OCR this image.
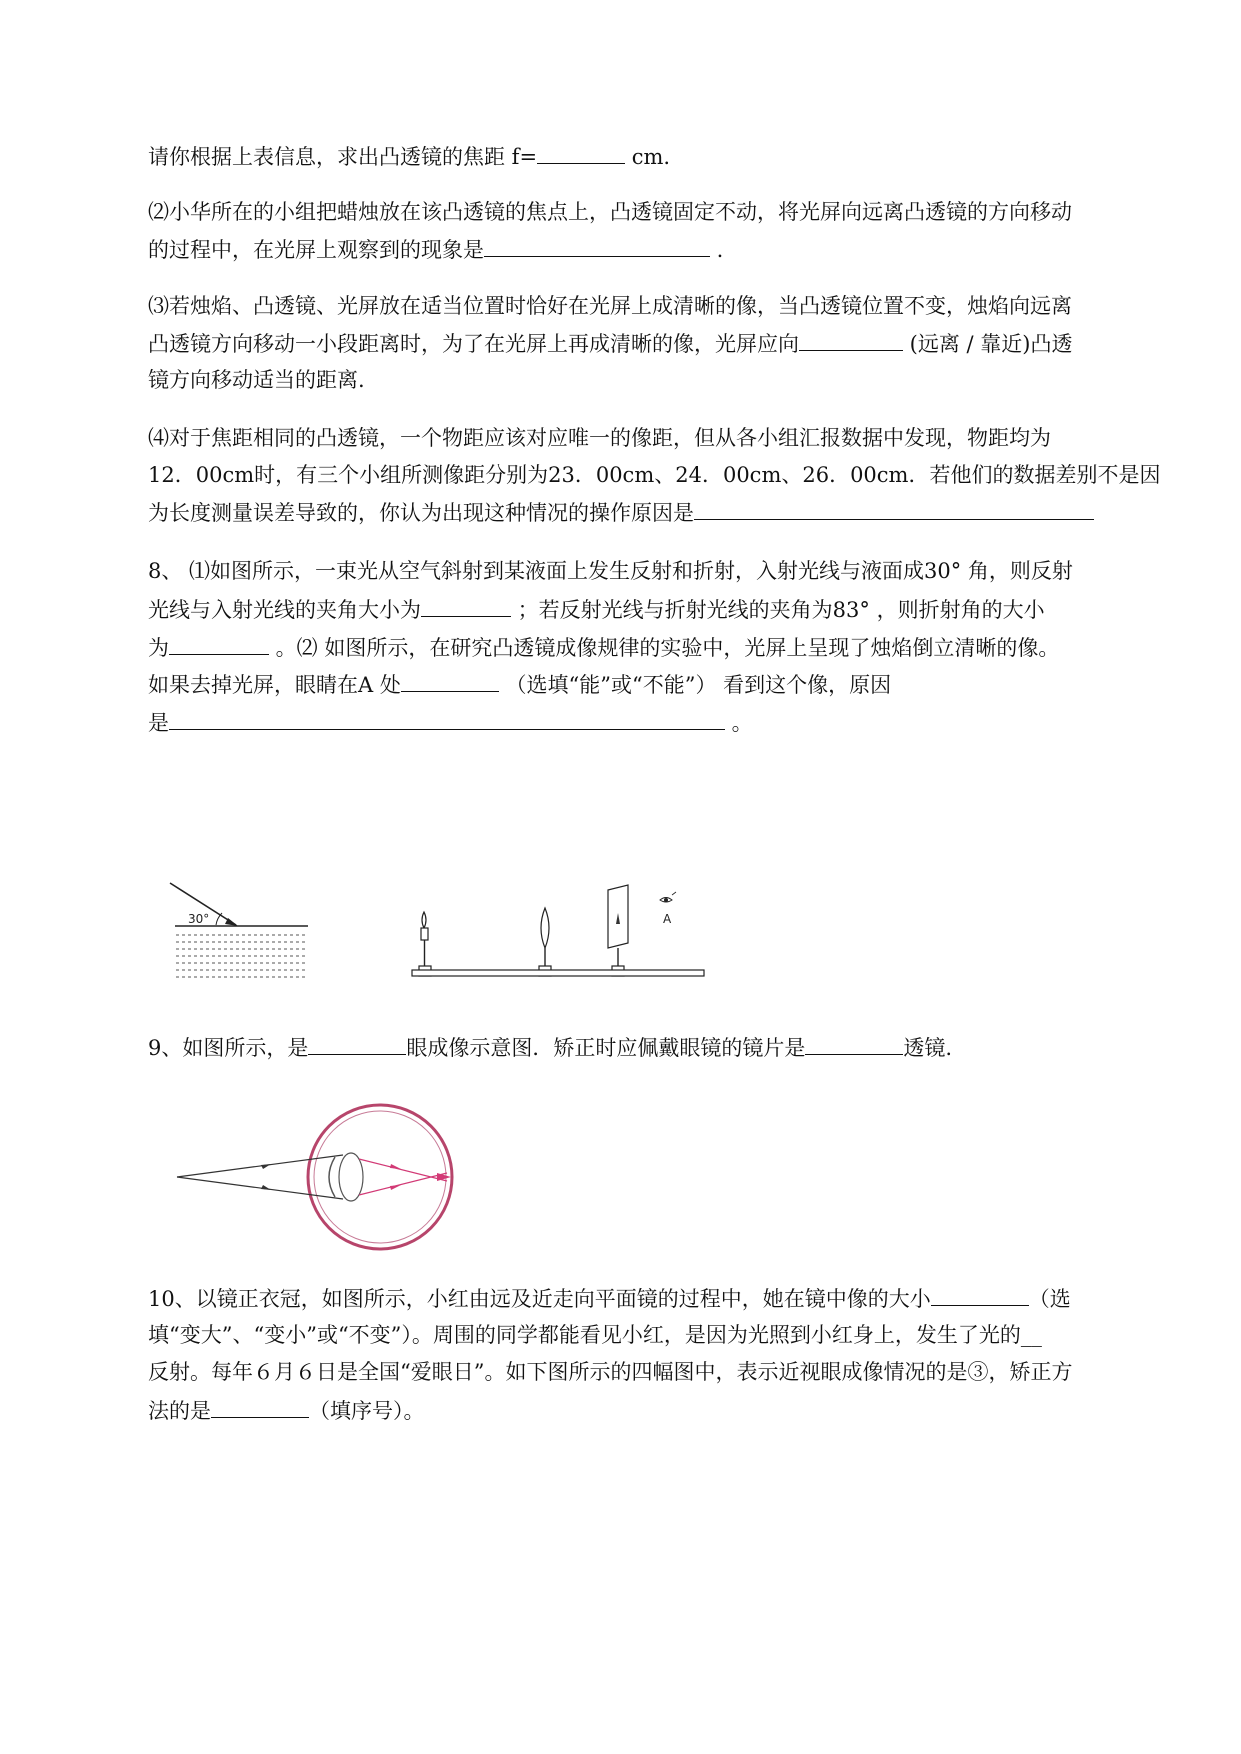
请你根据上表信息，求出凸透镜的焦距 f=	cm.
⑵小华所在的小组把蜡烛放在该凸透镜的焦点上，凸透镜固定不动，将光屏向远离凸透镜的方向移动
的过程中，在光屏上观察到的现象是	.
⑶若烛焰、凸透镜、光屏放在适当位置时恰好在光屏上成清晰的像，当凸透镜位置不变，烛焰向远离
凸透镜方向移动一小段距离时，为了在光屏上再成清晰的像，光屏应向	(远离 / 靠近)凸透
镜方向移动适当的距离.
⑷对于焦距相同的凸透镜，一个物距应该对应唯一的像距，但从各小组汇报数据中发现，物距均为
12．00cm时，有三个小组所测像距分别为23．00cm、24．00cm、26．00cm．若他们的数据差别不是因
为长度测量误差导致的，你认为出现这种情况的操作原因是
8、 ⑴如图所示，一束光从空气斜射到某液面上发生反射和折射，入射光线与液面成30° 角，则反射
光线与入射光线的夹角大小为	；若反射光线与折射光线的夹角为83° ，则折射角的大小
为	。⑵ 如图所示，在研究凸透镜成像规律的实验中，光屏上呈现了烛焰倒立清晰的像。
如果去掉光屏，眼睛在A 处	（选填“能”或“不能”） 看到这个像，原因
是	。
30°	A
9、如图所示，是	眼成像示意图．矫正时应佩戴眼镜的镜片是	透镜.
10、以镜正衣冠，如图所示，小红由远及近走向平面镜的过程中，她在镜中像的大小	（选
填“变大”、“变小”或“不变”）。周围的同学都能看见小红，是因为光照到小红身上，发生了光的__
反射。每年６月６日是全国“爱眼日”。如下图所示的四幅图中，表示近视眼成像情况的是③，矫正方
法的是	（填序号）。
